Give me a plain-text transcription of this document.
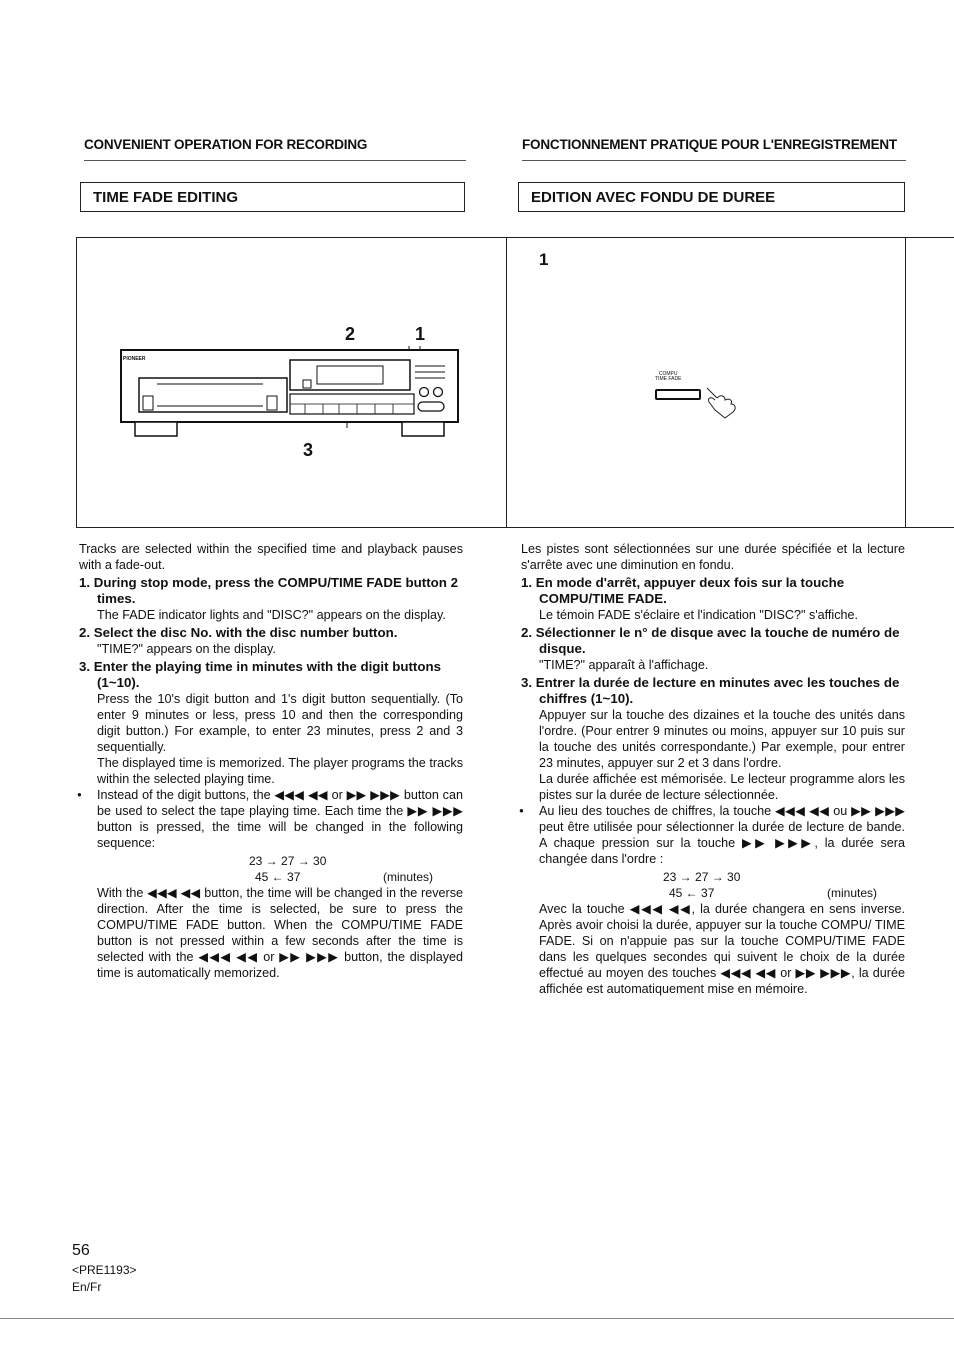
CONVENIENT OPERATION FOR RECORDING	FONCTIONNEMENT PRATIQUE POUR L'ENREGISTREMENT
TIME FADE EDITING	EDITION AVEC FONDU DE DUREE
PIONEER
2	1
3
1
COMPU
TIME FADE

Tracks are selected within the specified time and playback pauses with a fade-out.

1. During stop mode, press the COMPU/TIME FADE button 2 times.

The FADE indicator lights and "DISC?" appears on the display.

2. Select the disc No. with the disc number button.

"TIME?" appears on the display.

3. Enter the playing time in minutes with the digit buttons (1~10).

Press the 10's digit button and 1's digit button sequentially. (To enter 9 minutes or less, press 10 and then the corresponding digit button.) For example, to enter 23 minutes, press 2 and 3 sequentially.

The displayed time is memorized. The player programs the tracks within the selected playing time.

● Instead of the digit buttons, the ◀◀◀ ◀◀ or ▶▶ ▶▶▶ button can be used to select the tape playing time. Each time the ▶▶ ▶▶▶ button is pressed, the time will be changed in the following sequence:

23 → 27 → 30
45 ← 37	(minutes)

With the ◀◀◀ ◀◀ button, the time will be changed in the reverse direction. After the time is selected, be sure to press the COMPU/TIME FADE button. When the COMPU/TIME FADE button is not pressed within a few seconds after the time is selected with the ◀◀◀ ◀◀ or ▶▶ ▶▶▶ button, the displayed time is automatically memorized.

Les pistes sont sélectionnées sur une durée spécifiée et la lecture s'arrête avec une diminution en fondu.

1. En mode d'arrêt, appuyer deux fois sur la touche COMPU/TIME FADE.

Le témoin FADE s'éclaire et l'indication "DISC?" s'affiche.

2. Sélectionner le n° de disque avec la touche de numéro de disque.

"TIME?" apparaît à l'affichage.

3. Entrer la durée de lecture en minutes avec les touches de chiffres (1~10).

Appuyer sur la touche des dizaines et la touche des unités dans l'ordre. (Pour entrer 9 minutes ou moins, appuyer sur 10 puis sur la touche des unités correspondante.) Par exemple, pour entrer 23 minutes, appuyer sur 2 et 3 dans l'ordre.

La durée affichée est mémorisée. Le lecteur programme alors les pistes sur la durée de lecture sélectionnée.

● Au lieu des touches de chiffres, la touche ◀◀◀ ◀◀ ou ▶▶ ▶▶▶ peut être utilisée pour sélectionner la durée de lecture de bande. A chaque pression sur la touche ▶▶ ▶▶▶, la durée sera changée dans l'ordre :

23 → 27 → 30
45 ← 37	(minutes)

Avec la touche ◀◀◀ ◀◀, la durée changera en sens inverse. Après avoir choisi la durée, appuyer sur la touche COMPU/ TIME FADE. Si on n'appuie pas sur la touche COMPU/TIME FADE dans les quelques secondes qui suivent le choix de la durée effectué au moyen des touches ◀◀◀ ◀◀ or ▶▶ ▶▶▶, la durée affichée est automatiquement mise en mémoire.

56
<PRE1193>
En/Fr
